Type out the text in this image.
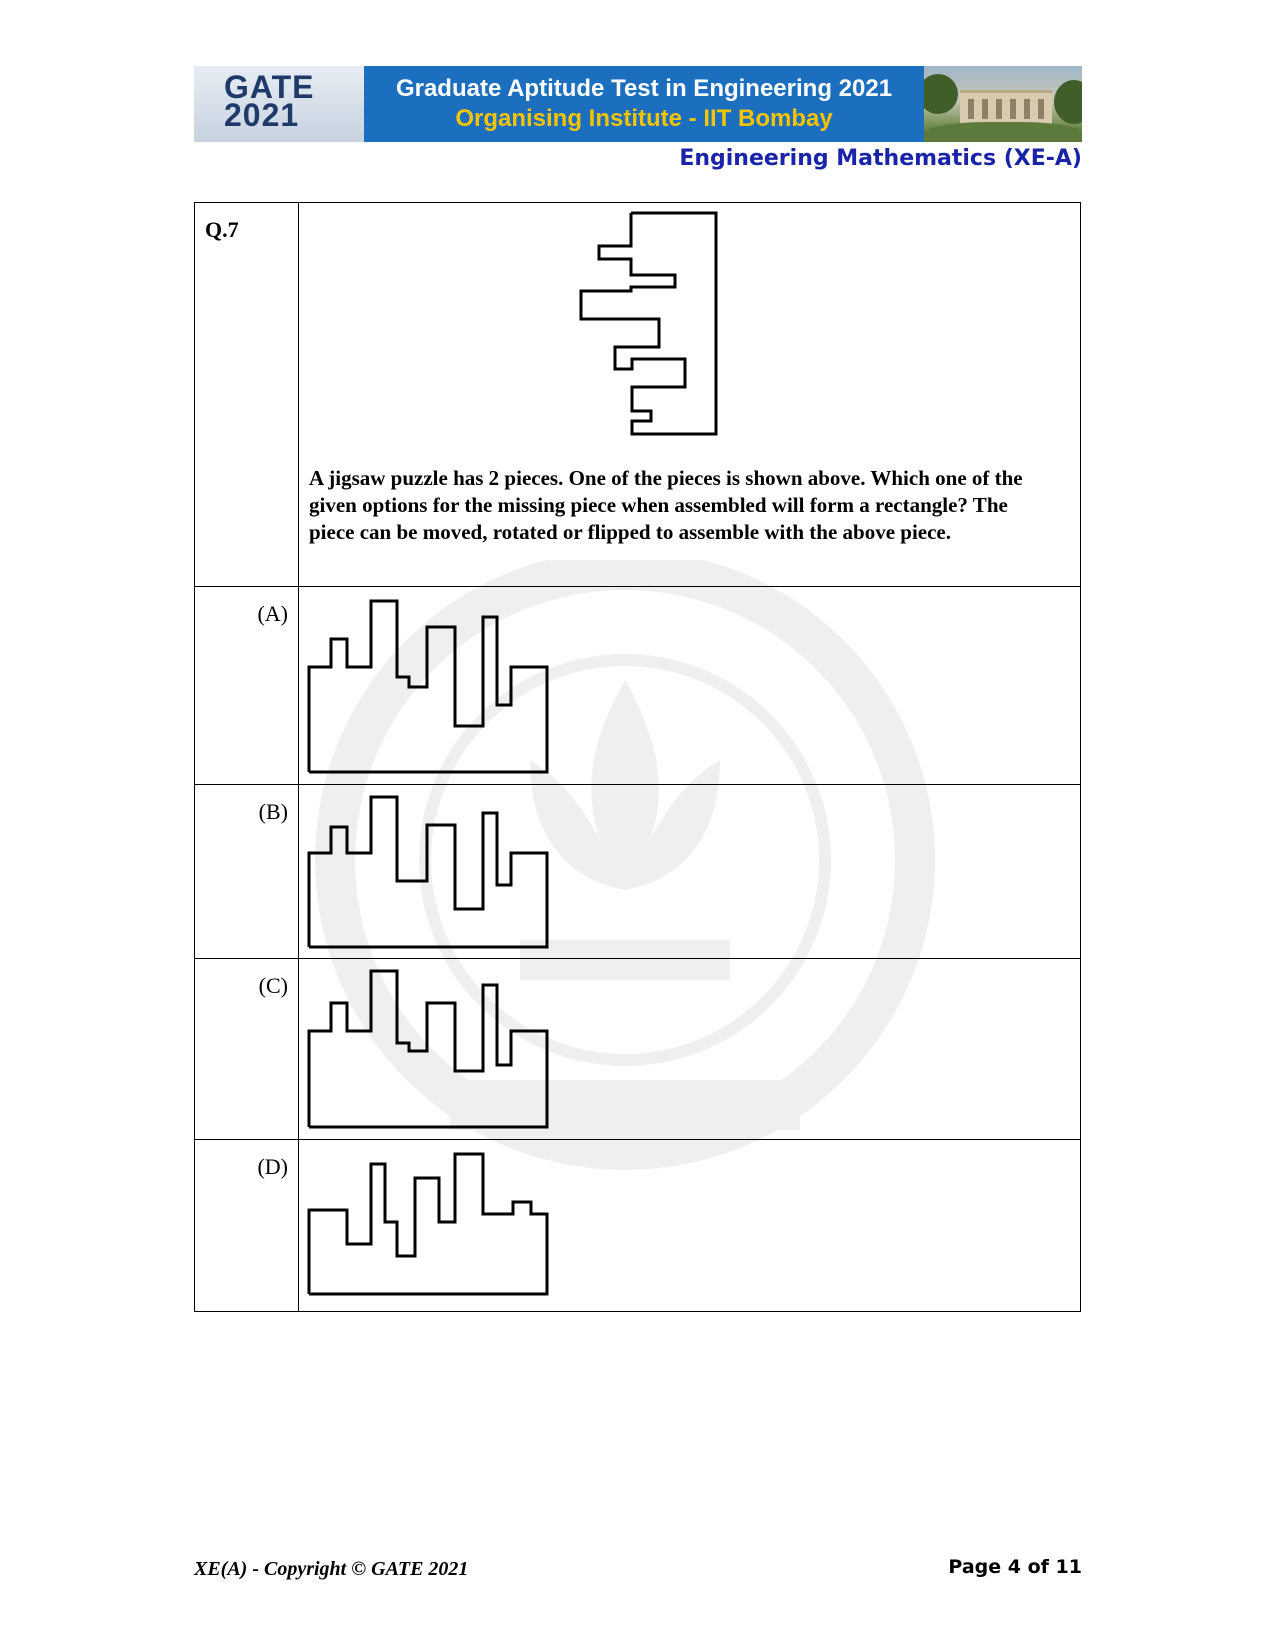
GATE
2021
Graduate Aptitude Test in Engineering 2021
Organising Institute - IIT Bombay
Engineering Mathematics (XE-A)
Q.7	A jigsaw puzzle has 2 pieces. One of the pieces is shown above. Which one of the given options for the missing piece when assembled will form a rectangle? The piece can be moved, rotated or flipped to assemble with the above piece.

(A)

(B)

(C)

(D)

XE(A) - Copyright © GATE 2021	Page 4 of 11
